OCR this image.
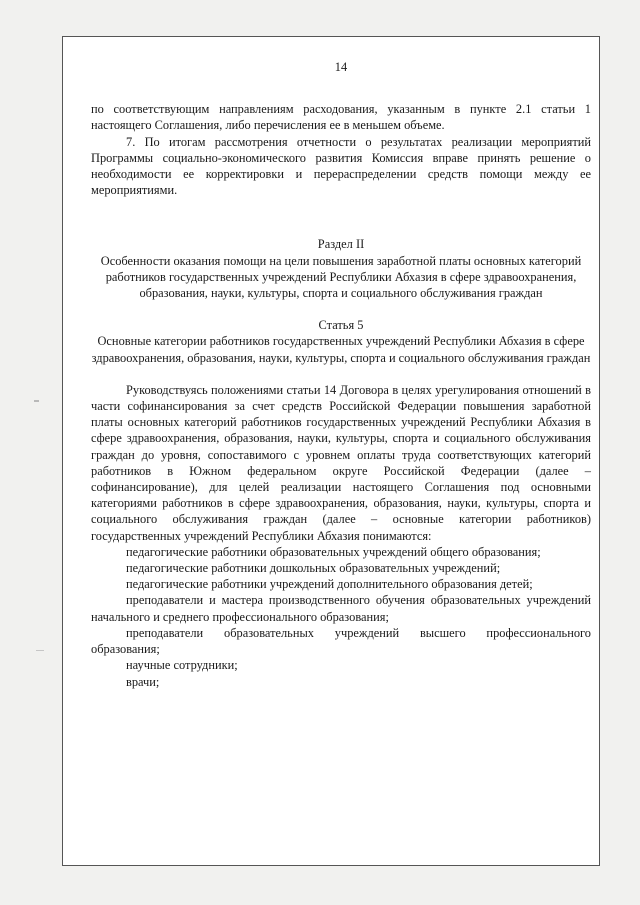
14

по соответствующим направлениям расходования, указанным в пункте 2.1 статьи 1 настоящего Соглашения, либо перечисления ее в меньшем объеме.

7. По итогам рассмотрения отчетности о результатах реализации мероприятий Программы социально-экономического развития Комиссия вправе принять решение о необходимости ее корректировки и перераспределении средств помощи между ее мероприятиями.

Раздел II

Особенности оказания помощи на цели повышения заработной платы основных категорий работников государственных учреждений Республики Абхазия в сфере здравоохранения, образования, науки, культуры, спорта и социального обслуживания граждан

Статья 5

Основные категории работников государственных учреждений Республики Абхазия в сфере здравоохранения, образования, науки, культуры, спорта и социального обслуживания граждан

Руководствуясь положениями статьи 14 Договора в целях урегулирования отношений в части софинансирования за счет средств Российской Федерации повышения заработной платы основных категорий работников государственных учреждений Республики Абхазия в сфере здравоохранения, образования, науки, культуры, спорта и социального обслуживания граждан до уровня, сопоставимого с уровнем оплаты труда соответствующих категорий работников в Южном федеральном округе Российской Федерации (далее – софинансирование), для целей реализации настоящего Соглашения под основными категориями работников в сфере здравоохранения, образования, науки, культуры, спорта и социального обслуживания граждан (далее – основные категории работников) государственных учреждений Республики Абхазия понимаются:

педагогические работники образовательных учреждений общего образования;

педагогические работники дошкольных образовательных учреждений;

педагогические работники учреждений дополнительного образования детей;

преподаватели и мастера производственного обучения образовательных учреждений начального и среднего профессионального образования;

преподаватели образовательных учреждений высшего профессионального образования;

научные сотрудники;

врачи;
